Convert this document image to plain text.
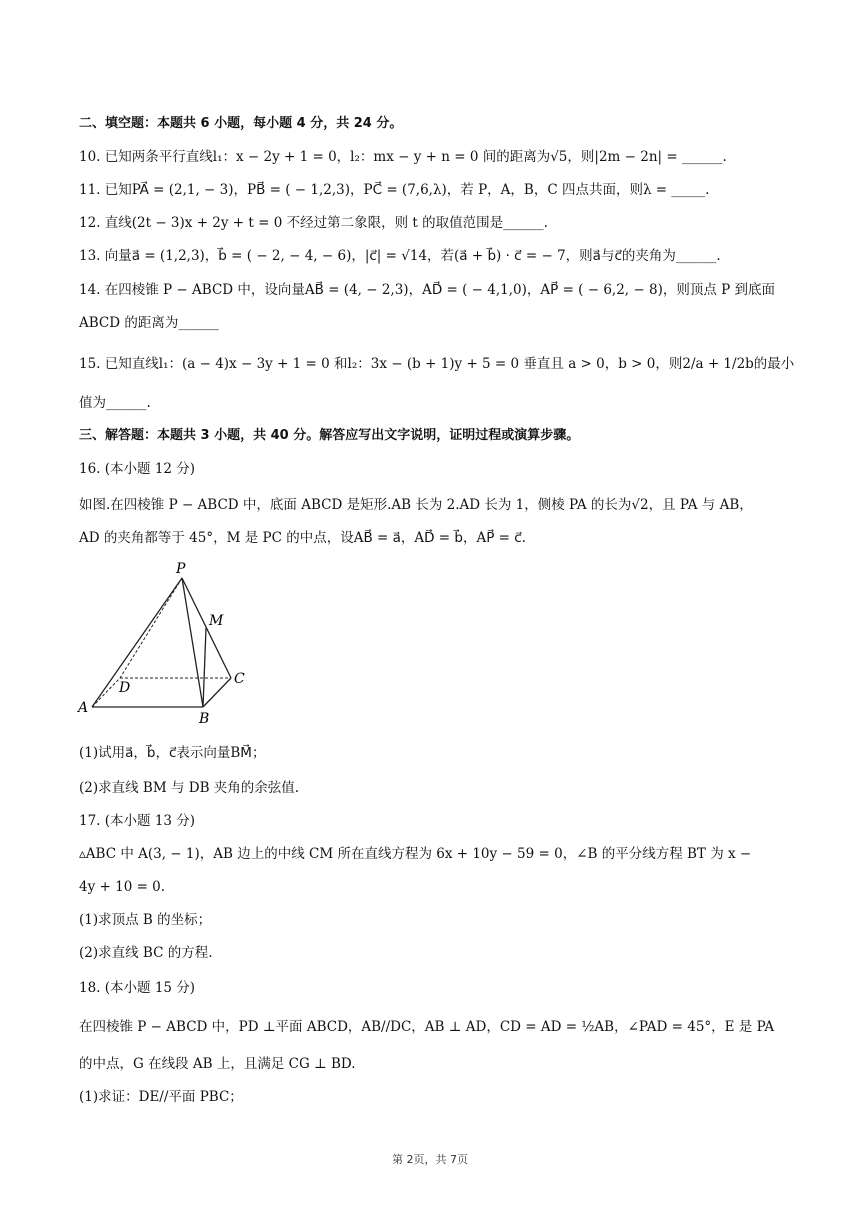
二、填空题：本题共 6 小题，每小题 4 分，共 24 分。
10. 已知两条平行直线l₁：x − 2y + 1 = 0，l₂：mx − y + n = 0 间的距离为√5，则|2m − 2n| = ______.
11. 已知PA⃗ = (2,1, − 3)，PB⃗ = ( − 1,2,3)，PC⃗ = (7,6,λ)，若 P，A，B，C 四点共面，则λ = _____.
12. 直线(2t − 3)x + 2y + t = 0 不经过第二象限，则 t 的取值范围是______.
13. 向量a⃗ = (1,2,3)，b⃗ = ( − 2, − 4, − 6)，|c⃗| = √14，若(a⃗ + b⃗) · c⃗ = − 7，则a⃗与c⃗的夹角为______.
14. 在四棱锥 P − ABCD 中，设向量AB⃗ = (4, − 2,3)，AD⃗ = ( − 4,1,0)，AP⃗ = ( − 6,2, − 8)，则顶点 P 到底面
ABCD 的距离为______
15. 已知直线l₁：(a − 4)x − 3y + 1 = 0 和l₂：3x − (b + 1)y + 5 = 0 垂直且 a > 0，b > 0，则2/a + 1/2b的最小
值为______.
三、解答题：本题共 3 小题，共 40 分。解答应写出文字说明，证明过程或演算步骤。
16. (本小题 12 分)
如图.在四棱锥 P − ABCD 中，底面 ABCD 是矩形.AB 长为 2.AD 长为 1，侧棱 PA 的长为√2，且 PA 与 AB，
AD 的夹角都等于 45°，M 是 PC 的中点，设AB⃗ = a⃗，AD⃗ = b⃗，AP⃗ = c⃗.
P
M
D
C
A
B
(1)试用a⃗，b⃗，c⃗表示向量BM⃗；
(2)求直线 BM 与 DB 夹角的余弦值.
17. (本小题 13 分)
▵ABC 中 A(3, − 1)，AB 边上的中线 CM 所在直线方程为 6x + 10y − 59 = 0，∠B 的平分线方程 BT 为 x −
4y + 10 = 0.
(1)求顶点 B 的坐标；
(2)求直线 BC 的方程.
18. (本小题 15 分)
在四棱锥 P − ABCD 中，PD ⊥平面 ABCD，AB//DC，AB ⊥ AD，CD = AD = ½AB，∠PAD = 45°，E 是 PA
的中点，G 在线段 AB 上，且满足 CG ⊥ BD.
(1)求证：DE//平面 PBC；
第 2页，共 7页
